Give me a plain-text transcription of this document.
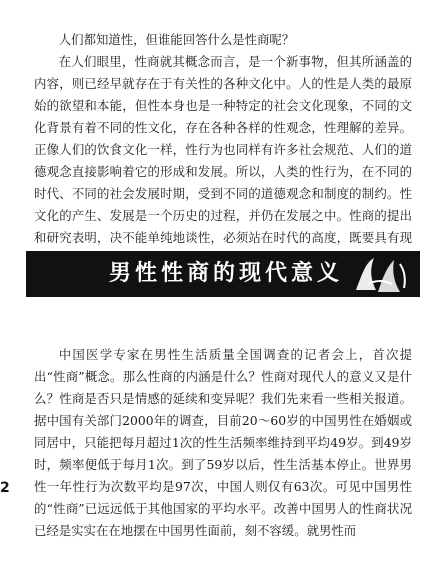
人们都知道性，但谁能回答什么是性商呢？

在人们眼里，性商就其概念而言，是一个新事物，但其所涵盖的内容，则已经早就存在于有关性的各种文化中。人的性是人类的最原始的欲望和本能，但性本身也是一种特定的社会文化现象，不同的文化背景有着不同的性文化，存在各种各样的性观念，性理解的差异。正像人们的饮食文化一样，性行为也同样有许多社会规范、人们的道德观念直接影响着它的形成和发展。所以，人类的性行为，在不同的时代、不同的社会发展时期，受到不同的道德观念和制度的制约。性文化的产生、发展是一个历史的过程，并仍在发展之中。性商的提出和研究表明，决不能单纯地谈性，必须站在时代的高度，既要具有现

男性性商的现代意义

中国医学专家在男性生活质量全国调查的记者会上，首次提出“性商”概念。那么性商的内涵是什么？性商对现代人的意义又是什么？性商是否只是情感的延续和变异呢？我们先来看一些相关报道。据中国有关部门2000年的调查，目前20～60岁的中国男性在婚姻或同居中，只能把每月超过1次的性生活频率维持到平均49岁。到49岁时，频率便低于每月1次。到了59岁以后，性生活基本停止。世界男性一年性行为次数平均是97次，中国人则仅有63次。可见中国男性的“性商”已远远低于其他国家的平均水平。改善中国男人的性商状况已经是实实在在地摆在中国男性面前，刻不容缓。就男性而

2
